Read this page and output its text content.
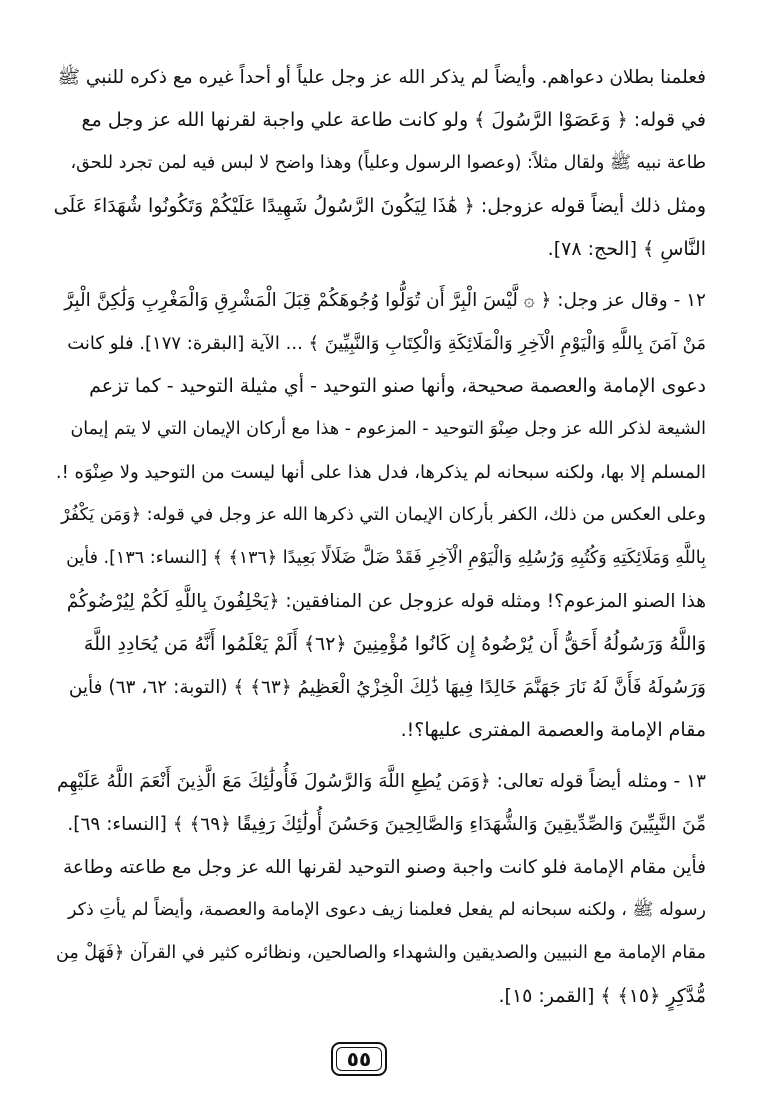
فعلمنا بطلان دعواهم. وأيضاً لم يذكر الله عز وجل علياً أو أحداً غيره مع ذكره للنبي ﷺ

في قوله: ﴿ وَعَصَوْا الرَّسُولَ ﴾ ولو كانت طاعة علي واجبة لقرنها الله عز وجل مع

طاعة نبيه ﷺ ولقال مثلاً: (وعصوا الرسول وعلياً) وهذا واضح لا لبس فيه لمن تجرد للحق،

ومثل ذلك أيضاً قوله عزوجل: ﴿ هَٰذَا لِيَكُونَ الرَّسُولُ شَهِيدًا عَلَيْكُمْ وَتَكُونُوا شُهَدَاءَ عَلَى

النَّاسِ ﴾ [الحج: ٧٨].

١٢ - وقال عز وجل: ﴿ ۞ لَّيْسَ الْبِرَّ أَن تُوَلُّوا وُجُوهَكُمْ قِبَلَ الْمَشْرِقِ وَالْمَغْرِبِ وَلَٰكِنَّ الْبِرَّ

مَنْ آمَنَ بِاللَّهِ وَالْيَوْمِ الْآخِرِ وَالْمَلَائِكَةِ وَالْكِتَابِ وَالنَّبِيِّينَ ﴾ ... الآية [البقرة: ١٧٧]. فلو كانت

دعوى الإمامة والعصمة صحيحة، وأنها صنو التوحيد - أي مثيلة التوحيد - كما تزعم

الشيعة لذكر الله عز وجل صِنْوَ التوحيد - المزعوم - هذا مع أركان الإيمان التي لا يتم إيمان

المسلم إلا بها، ولكنه سبحانه لم يذكرها، فدل هذا على أنها ليست من التوحيد ولا صِنْوَه !.

وعلى العكس من ذلك، الكفر بأركان الإيمان التي ذكرها الله عز وجل في قوله: ﴿وَمَن يَكْفُرْ

بِاللَّهِ وَمَلَائِكَتِهِ وَكُتُبِهِ وَرُسُلِهِ وَالْيَوْمِ الْآخِرِ فَقَدْ ضَلَّ ضَلَالًا بَعِيدًا ﴿١٣٦﴾ ﴾ [النساء: ١٣٦]. فأين

هذا الصنو المزعوم؟! ومثله قوله عزوجل عن المنافقين: ﴿يَحْلِفُونَ بِاللَّهِ لَكُمْ لِيُرْضُوكُمْ

وَاللَّهُ وَرَسُولُهُ أَحَقُّ أَن يُرْضُوهُ إِن كَانُوا مُؤْمِنِينَ ﴿٦٢﴾ أَلَمْ يَعْلَمُوا أَنَّهُ مَن يُحَادِدِ اللَّهَ

وَرَسُولَهُ فَأَنَّ لَهُ نَارَ جَهَنَّمَ خَالِدًا فِيهَا ذَٰلِكَ الْخِزْيُ الْعَظِيمُ ﴿٦٣﴾ ﴾ (التوبة: ٦٢، ٦٣) فأين

مقام الإمامة والعصمة المفترى عليها؟!.

١٣ - ومثله أيضاً قوله تعالى: ﴿وَمَن يُطِعِ اللَّهَ وَالرَّسُولَ فَأُولَٰئِكَ مَعَ الَّذِينَ أَنْعَمَ اللَّهُ عَلَيْهِم

مِّنَ النَّبِيِّينَ وَالصِّدِّيقِينَ وَالشُّهَدَاءِ وَالصَّالِحِينَ وَحَسُنَ أُولَٰئِكَ رَفِيقًا ﴿٦٩﴾ ﴾ [النساء: ٦٩].

فأين مقام الإمامة فلو كانت واجبة وصنو التوحيد لقرنها الله عز وجل مع طاعته وطاعة

رسوله ﷺ ، ولكنه سبحانه لم يفعل فعلمنا زيف دعوى الإمامة والعصمة، وأيضاً لم يأتِ ذكر

مقام الإمامة مع النبيين والصديقين والشهداء والصالحين، ونظائره كثير في القرآن ﴿فَهَلْ مِن

مُّدَّكِرٍ ﴿١٥﴾ ﴾ [القمر: ١٥].

٥٥
